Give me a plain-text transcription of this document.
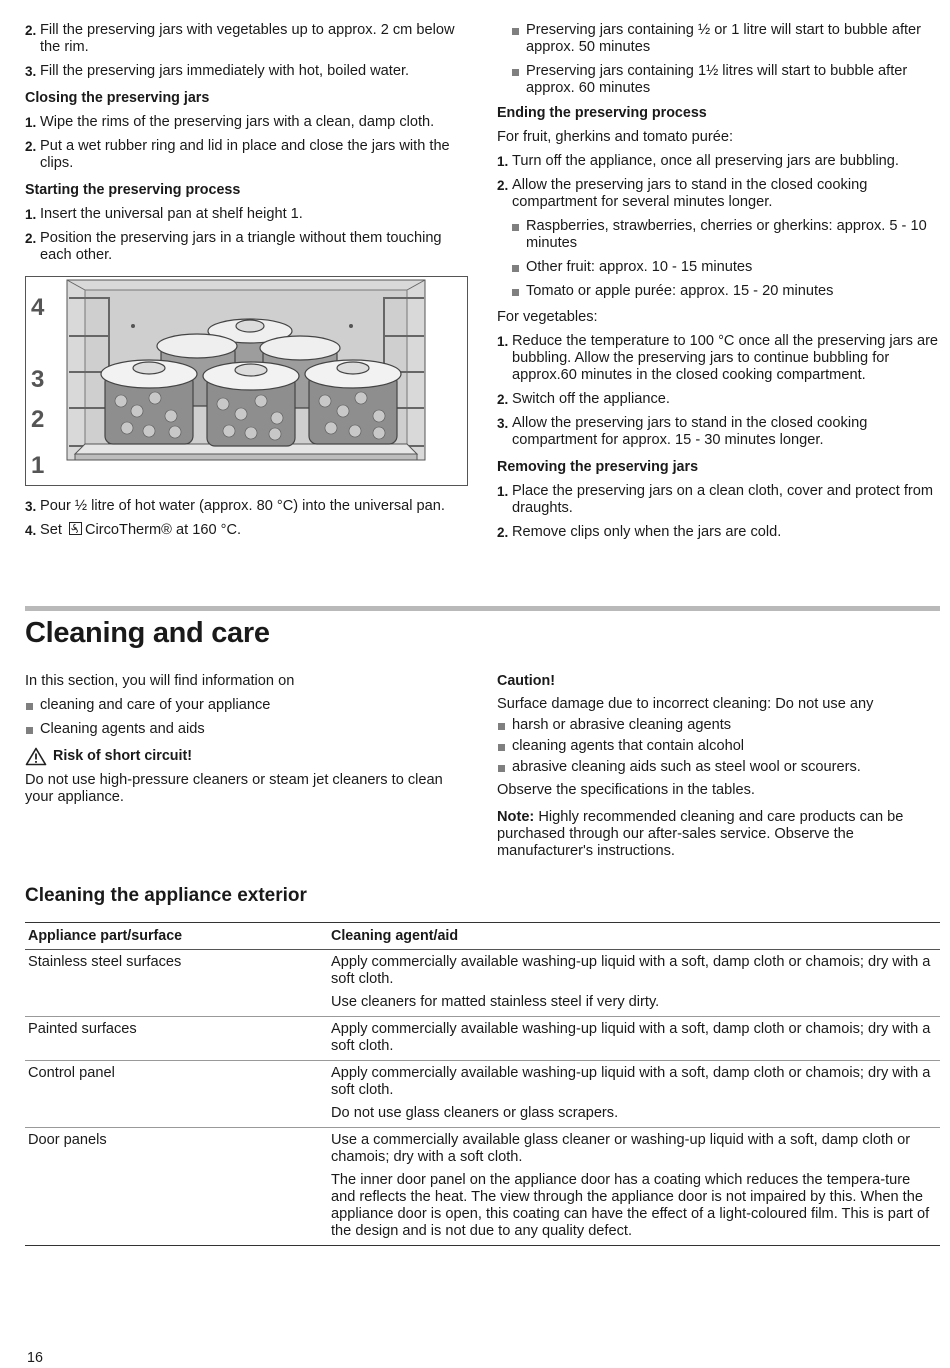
2. Fill the preserving jars with vegetables up to approx. 2 cm below the rim.
3. Fill the preserving jars immediately with hot, boiled water.
Closing the preserving jars
1. Wipe the rims of the preserving jars with a clean, damp cloth.
2. Put a wet rubber ring and lid in place and close the jars with the clips.
Starting the preserving process
1. Insert the universal pan at shelf height 1.
2. Position the preserving jars in a triangle without them touching each other.
4
3
2
1
3. Pour ½ litre of hot water (approx. 80 °C) into the universal pan.
4. Set CircoTherm® at 160 °C.
Preserving jars containing ½ or 1 litre will start to bubble after approx. 50 minutes
Preserving jars containing 1½ litres will start to bubble after approx. 60 minutes
Ending the preserving process
For fruit, gherkins and tomato purée:
1. Turn off the appliance, once all preserving jars are bubbling.
2. Allow the preserving jars to stand in the closed cooking compartment for several minutes longer.
Raspberries, strawberries, cherries or gherkins: approx. 5 - 10 minutes
Other fruit: approx. 10 - 15 minutes
Tomato or apple purée: approx. 15 - 20 minutes
For vegetables:
1. Reduce the temperature to 100 °C once all the preserving jars are bubbling. Allow the preserving jars to continue bubbling for approx.60 minutes in the closed cooking compartment.
2. Switch off the appliance.
3. Allow the preserving jars to stand in the closed cooking compartment for approx. 15 - 30 minutes longer.
Removing the preserving jars
1. Place the preserving jars on a clean cloth, cover and protect from draughts.
2. Remove clips only when the jars are cold.
Cleaning and care
In this section, you will find information on
cleaning and care of your appliance
Cleaning agents and aids
Risk of short circuit!
Do not use high-pressure cleaners or steam jet cleaners to clean your appliance.
Caution!
Surface damage due to incorrect cleaning: Do not use any
harsh or abrasive cleaning agents
cleaning agents that contain alcohol
abrasive cleaning aids such as steel wool or scourers.
Observe the specifications in the tables.
Note: Highly recommended cleaning and care products can be purchased through our after-sales service. Observe the manufacturer's instructions.
Cleaning the appliance exterior
Appliance part/surface	Cleaning agent/aid
Stainless steel surfaces	Apply commercially available washing-up liquid with a soft, damp cloth or chamois; dry with a soft cloth.
Use cleaners for matted stainless steel if very dirty.

Painted surfaces	Apply commercially available washing-up liquid with a soft, damp cloth or chamois; dry with a soft cloth.

Control panel	Apply commercially available washing-up liquid with a soft, damp cloth or chamois; dry with a soft cloth.
Do not use glass cleaners or glass scrapers.

Door panels	Use a commercially available glass cleaner or washing-up liquid with a soft, damp cloth or chamois; dry with a soft cloth.
The inner door panel on the appliance door has a coating which reduces the tempera-ture and reflects the heat. The view through the appliance door is not impaired by this. When the appliance door is open, this coating can have the effect of a light-coloured film. This is part of the design and is not due to any quality defect.
16
